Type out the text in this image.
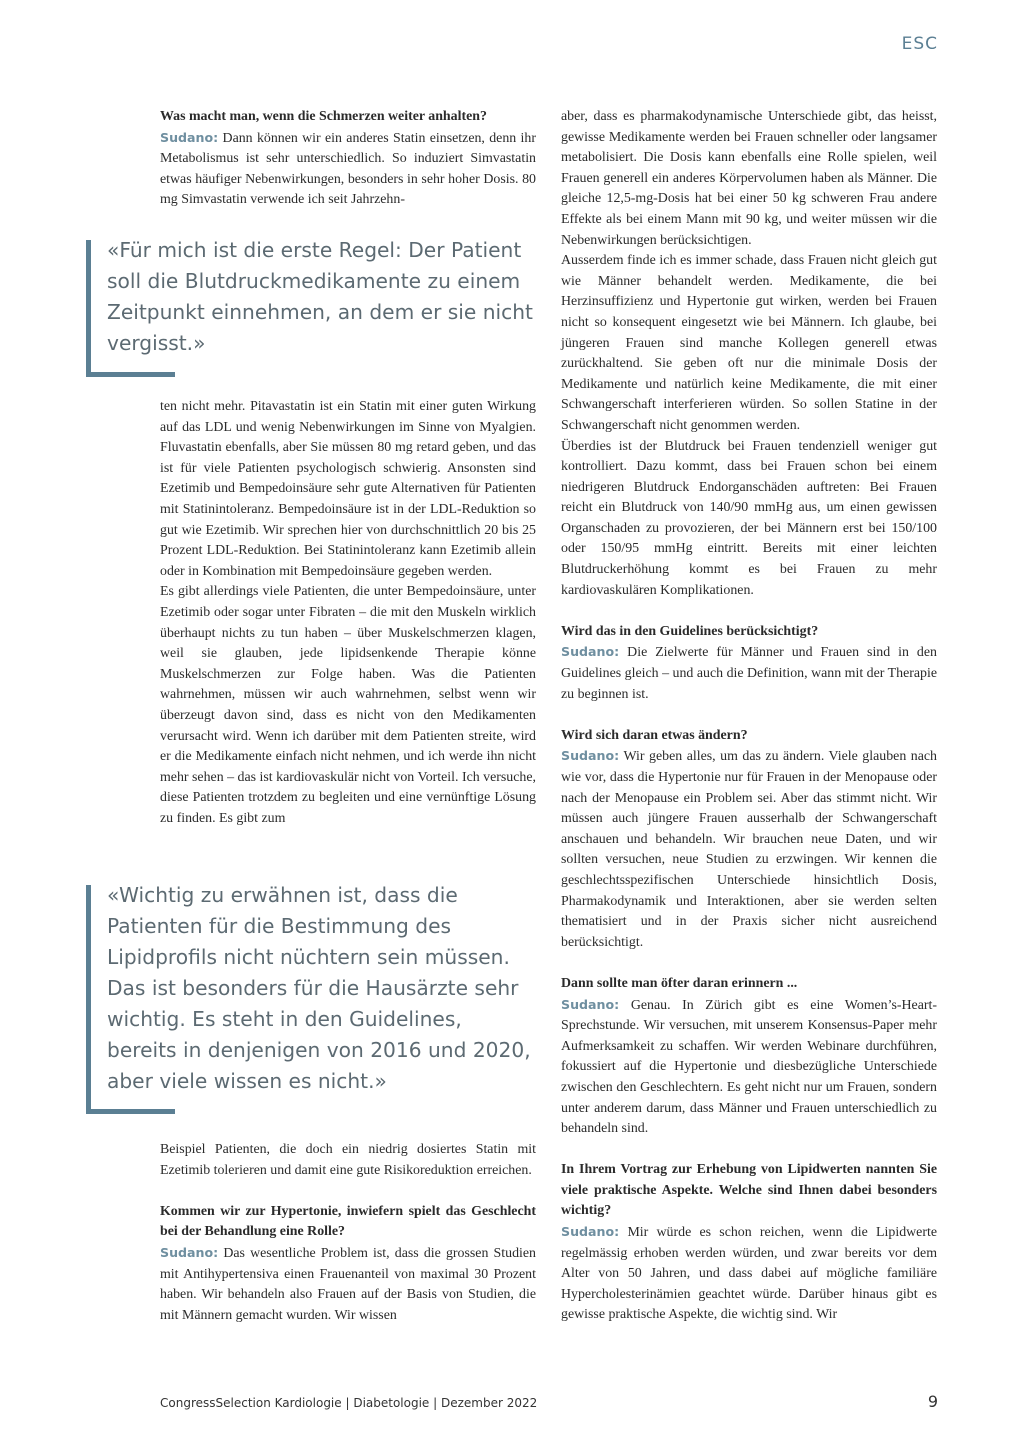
ESC

Was macht man, wenn die Schmerzen weiter anhalten?

Sudano: Dann können wir ein anderes Statin einsetzen, denn ihr Metabolismus ist sehr unterschiedlich. So induziert Simvastatin etwas häufiger Nebenwirkungen, besonders in sehr hoher Dosis. 80 mg Simvastatin verwende ich seit Jahrzehn-

«Für mich ist die erste Regel: Der Patient soll die Blutdruckmedikamente zu einem Zeitpunkt einnehmen, an dem er sie nicht vergisst.»

ten nicht mehr. Pitavastatin ist ein Statin mit einer guten Wirkung auf das LDL und wenig Nebenwirkungen im Sinne von Myalgien. Fluvastatin ebenfalls, aber Sie müssen 80 mg retard geben, und das ist für viele Patienten psychologisch schwierig. Ansonsten sind Ezetimib und Bempedoinsäure sehr gute Alternativen für Patienten mit Statinintoleranz. Bempedoinsäure ist in der LDL-Reduktion so gut wie Ezetimib. Wir sprechen hier von durchschnittlich 20 bis 25 Prozent LDL-Reduktion. Bei Statinintoleranz kann Ezetimib allein oder in Kombination mit Bempedoinsäure gegeben werden.

Es gibt allerdings viele Patienten, die unter Bempedoinsäure, unter Ezetimib oder sogar unter Fibraten – die mit den Muskeln wirklich überhaupt nichts zu tun haben – über Muskelschmerzen klagen, weil sie glauben, jede lipidsenkende Therapie könne Muskelschmerzen zur Folge haben. Was die Patienten wahrnehmen, müssen wir auch wahrnehmen, selbst wenn wir überzeugt davon sind, dass es nicht von den Medikamenten verursacht wird. Wenn ich darüber mit dem Patienten streite, wird er die Medikamente einfach nicht nehmen, und ich werde ihn nicht mehr sehen – das ist kardiovaskulär nicht von Vorteil. Ich versuche, diese Patienten trotzdem zu begleiten und eine vernünftige Lösung zu finden. Es gibt zum

«Wichtig zu erwähnen ist, dass die Patienten für die Bestimmung des Lipidprofils nicht nüchtern sein müssen.
Das ist besonders für die Hausärzte sehr wichtig. Es steht in den Guidelines, bereits in denjenigen von 2016 und 2020, aber viele wissen es nicht.»

Beispiel Patienten, die doch ein niedrig dosiertes Statin mit Ezetimib tolerieren und damit eine gute Risikoreduktion erreichen.

Kommen wir zur Hypertonie, inwiefern spielt das Geschlecht bei der Behandlung eine Rolle?

Sudano: Das wesentliche Problem ist, dass die grossen Studien mit Antihypertensiva einen Frauenanteil von maximal 30 Prozent haben. Wir behandeln also Frauen auf der Basis von Studien, die mit Männern gemacht wurden. Wir wissen

aber, dass es pharmakodynamische Unterschiede gibt, das heisst, gewisse Medikamente werden bei Frauen schneller oder langsamer metabolisiert. Die Dosis kann ebenfalls eine Rolle spielen, weil Frauen generell ein anderes Körpervolumen haben als Männer. Die gleiche 12,5-mg-Dosis hat bei einer 50 kg schweren Frau andere Effekte als bei einem Mann mit 90 kg, und weiter müssen wir die Nebenwirkungen berücksichtigen.

Ausserdem finde ich es immer schade, dass Frauen nicht gleich gut wie Männer behandelt werden. Medikamente, die bei Herzinsuffizienz und Hypertonie gut wirken, werden bei Frauen nicht so konsequent eingesetzt wie bei Männern. Ich glaube, bei jüngeren Frauen sind manche Kollegen generell etwas zurückhaltend. Sie geben oft nur die minimale Dosis der Medikamente und natürlich keine Medikamente, die mit einer Schwangerschaft interferieren würden. So sollen Statine in der Schwangerschaft nicht genommen werden.

Überdies ist der Blutdruck bei Frauen tendenziell weniger gut kontrolliert. Dazu kommt, dass bei Frauen schon bei einem niedrigeren Blutdruck Endorganschäden auftreten: Bei Frauen reicht ein Blutdruck von 140/90 mmHg aus, um einen gewissen Organschaden zu provozieren, der bei Männern erst bei 150/100 oder 150/95 mmHg eintritt. Bereits mit einer leichten Blutdruckerhöhung kommt es bei Frauen zu mehr kardiovaskulären Komplikationen.

Wird das in den Guidelines berücksichtigt?

Sudano: Die Zielwerte für Männer und Frauen sind in den Guidelines gleich – und auch die Definition, wann mit der Therapie zu beginnen ist.

Wird sich daran etwas ändern?

Sudano: Wir geben alles, um das zu ändern. Viele glauben nach wie vor, dass die Hypertonie nur für Frauen in der Menopause oder nach der Menopause ein Problem sei. Aber das stimmt nicht. Wir müssen auch jüngere Frauen ausserhalb der Schwangerschaft anschauen und behandeln. Wir brauchen neue Daten, und wir sollten versuchen, neue Studien zu erzwingen. Wir kennen die geschlechtsspezifischen Unterschiede hinsichtlich Dosis, Pharmakodynamik und Interaktionen, aber sie werden selten thematisiert und in der Praxis sicher nicht ausreichend berücksichtigt.

Dann sollte man öfter daran erinnern ...

Sudano: Genau. In Zürich gibt es eine Women’s-Heart-Sprechstunde. Wir versuchen, mit unserem Konsensus-Paper mehr Aufmerksamkeit zu schaffen. Wir werden Webinare durchführen, fokussiert auf die Hypertonie und diesbezügliche Unterschiede zwischen den Geschlechtern. Es geht nicht nur um Frauen, sondern unter anderem darum, dass Männer und Frauen unterschiedlich zu behandeln sind.

In Ihrem Vortrag zur Erhebung von Lipidwerten nannten Sie viele praktische Aspekte. Welche sind Ihnen dabei besonders wichtig?

Sudano: Mir würde es schon reichen, wenn die Lipidwerte regelmässig erhoben werden würden, und zwar bereits vor dem Alter von 50 Jahren, und dass dabei auf mögliche familiäre Hypercholesterinämien geachtet würde. Darüber hinaus gibt es gewisse praktische Aspekte, die wichtig sind. Wir

CongressSelection Kardiologie | Diabetologie | Dezember 2022	9
